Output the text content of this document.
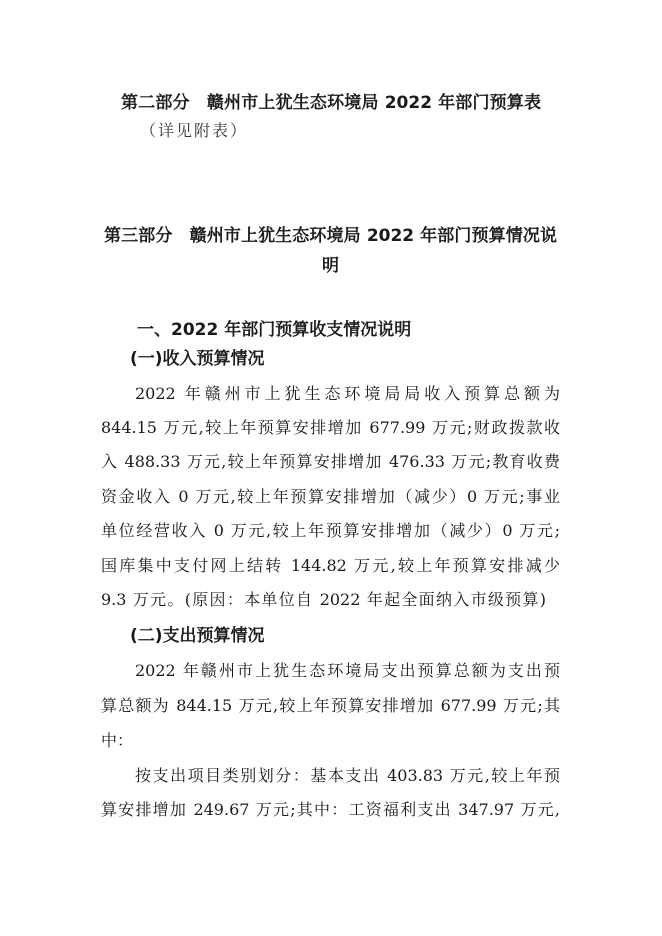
第二部分　赣州市上犹生态环境局 2022 年部门预算表
（详见附表）
第三部分　赣州市上犹生态环境局 2022 年部门预算情况说
明
一、2022 年部门预算收支情况说明
(一)收入预算情况
2022 年赣州市上犹生态环境局局收入预算总额为
844.15 万元,较上年预算安排增加 677.99 万元;财政拨款收
入 488.33 万元,较上年预算安排增加 476.33 万元;教育收费
资金收入 0 万元,较上年预算安排增加（减少）0 万元;事业
单位经营收入 0 万元,较上年预算安排增加（减少）0 万元;
国库集中支付网上结转 144.82 万元,较上年预算安排减少
9.3 万元。(原因：本单位自 2022 年起全面纳入市级预算)
(二)支出预算情况
2022 年赣州市上犹生态环境局支出预算总额为支出预
算总额为 844.15 万元,较上年预算安排增加 677.99 万元;其
中：
按支出项目类别划分：基本支出 403.83 万元,较上年预
算安排增加 249.67 万元;其中：工资福利支出 347.97 万元,
